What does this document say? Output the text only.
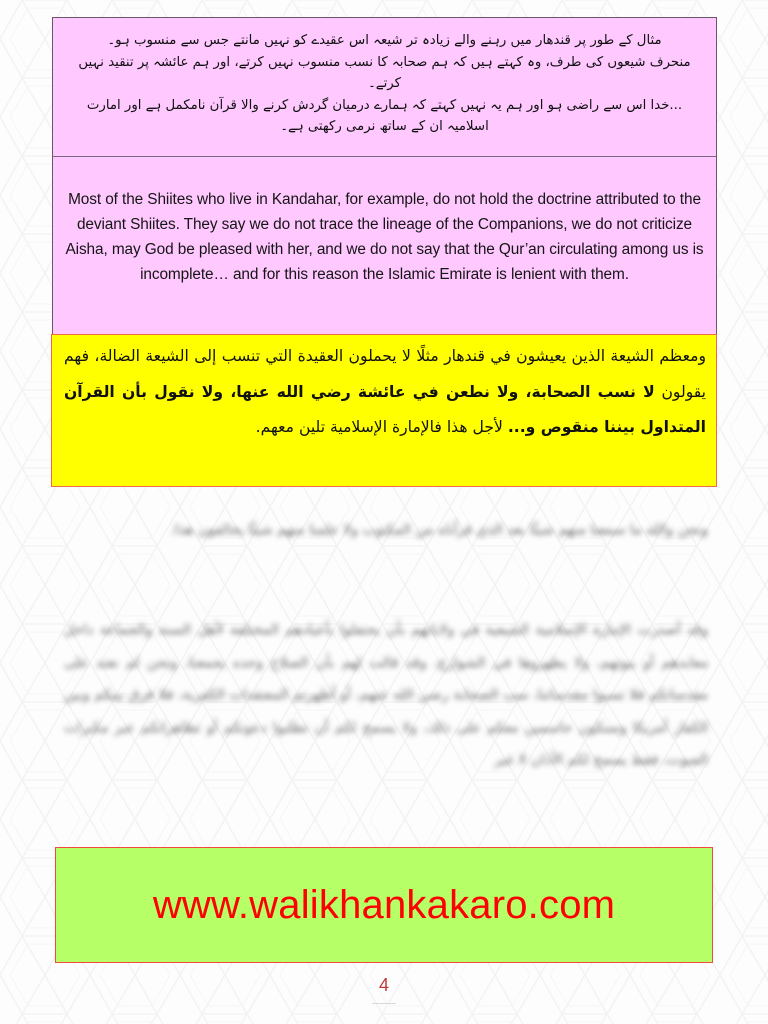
مثال کے طور پر قندھار میں رہنے والے زیادہ تر شیعہ اس عقیدے کو نہیں مانتے جس سے منسوب ہو۔
منحرف شیعوں کی طرف، وہ کہتے ہیں کہ ہم صحابہ کا نسب منسوب نہیں کرتے، اور ہم عائشہ پر تنقید نہیں کرتے۔
...خدا اس سے راضی ہو اور ہم یہ نہیں کہتے کہ ہمارے درمیان گردش کرنے والا قرآن نامکمل ہے اور امارت اسلامیہ ان کے ساتھ نرمی رکھتی ہے۔
Most of the Shiites who live in Kandahar, for example, do not hold the doctrine attributed to the deviant Shiites. They say we do not trace the lineage of the Companions, we do not criticize Aisha, may God be pleased with her, and we do not say that the Qur’an circulating among us is incomplete… and for this reason the Islamic Emirate is lenient with them.
ومعظم الشيعة الذين يعيشون في قندهار مثلًا لا يحملون العقيدة التي تنسب إلى الشيعة الضالة، فهم يقولون لا نسب الصحابة، ولا نطعن في عائشة رضي الله عنها، ولا نقول بأن القرآن المتداول بيننا منقوص و... لأجل هذا فالإمارة الإسلامية تلين معهم.
ونحن والله ما سمعنا منهم شيئًا بعد الذي قرأناه من المكتوب ولا علمنا منهم شيئًا يخالفون هذا.
وقد أصدرت الإمارة الإسلامية الشيعية في ولاياتهم بأن يحتفلوا بأعيادهم المختلفة لأهل السنة والجماعة داخل معابدهم أو بيوتهم، ولا يظهروها في الشوارع، وقد قالت لهم بأن الصلاح وحده يجمعنا، ونحن لم نعتد على مقدساتكم فلا تسبوا مقدساتنا، سب الصحابة رضي الله عنهم، أو أظهرتم المعتقدات الكفرية، فلا فرق بينكم وبين الكفار أمريكا وسنكون حاسمين معكم على ذلك، ولا يسمح لكم أن تطلبوا دعوتكم أو تظاهراتكم عبر مكبرات الصوت، فقط يسمح لكم الأذان لا غير
www.walikhankakaro.com
4
